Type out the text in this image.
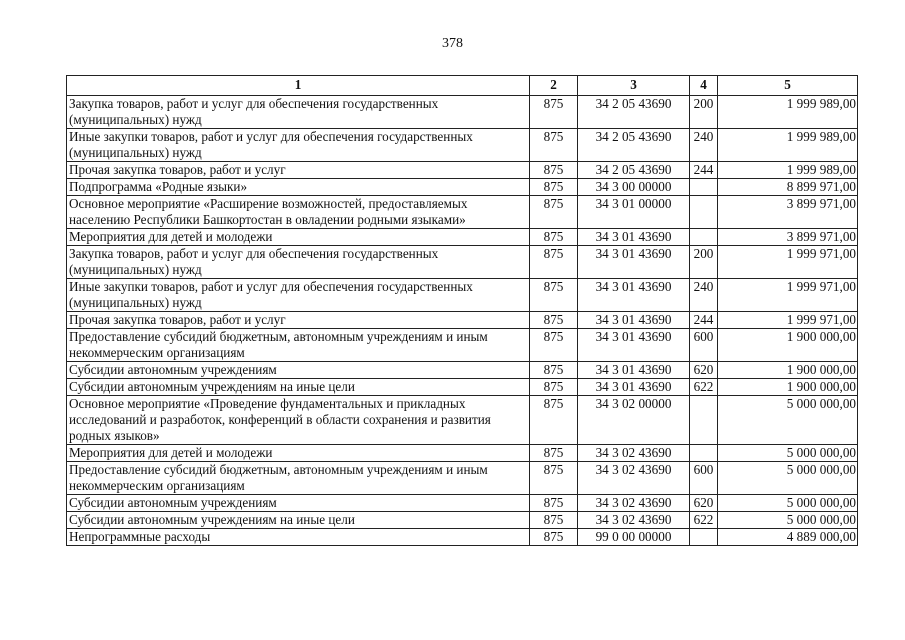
378
1	2	3	4	5
Закупка товаров, работ и услуг для обеспечения государственных (муниципальных) нужд	875	34 2 05 43690	200	1 999 989,00
Иные закупки товаров, работ и услуг для обеспечения государственных (муниципальных) нужд	875	34 2 05 43690	240	1 999 989,00
Прочая закупка товаров, работ и услуг	875	34 2 05 43690	244	1 999 989,00
Подпрограмма «Родные языки»	875	34 3 00 00000		8 899 971,00
Основное мероприятие «Расширение возможностей, предоставляемых населению Республики Башкортостан в овладении родными языками»	875	34 3 01 00000		3 899 971,00
Мероприятия для детей и молодежи	875	34 3 01 43690		3 899 971,00
Закупка товаров, работ и услуг для обеспечения государственных (муниципальных) нужд	875	34 3 01 43690	200	1 999 971,00
Иные закупки товаров, работ и услуг для обеспечения государственных (муниципальных) нужд	875	34 3 01 43690	240	1 999 971,00
Прочая закупка товаров, работ и услуг	875	34 3 01 43690	244	1 999 971,00
Предоставление субсидий бюджетным, автономным учреждениям и иным некоммерческим организациям	875	34 3 01 43690	600	1 900 000,00
Субсидии автономным учреждениям	875	34 3 01 43690	620	1 900 000,00
Субсидии автономным учреждениям на иные цели	875	34 3 01 43690	622	1 900 000,00
Основное мероприятие «Проведение фундаментальных и прикладных исследований и разработок, конференций в области сохранения и развития родных языков»	875	34 3 02 00000		5 000 000,00
Мероприятия для детей и молодежи	875	34 3 02 43690		5 000 000,00
Предоставление субсидий бюджетным, автономным учреждениям и иным некоммерческим организациям	875	34 3 02 43690	600	5 000 000,00
Субсидии автономным учреждениям	875	34 3 02 43690	620	5 000 000,00
Субсидии автономным учреждениям на иные цели	875	34 3 02 43690	622	5 000 000,00
Непрограммные расходы	875	99 0 00 00000		4 889 000,00
